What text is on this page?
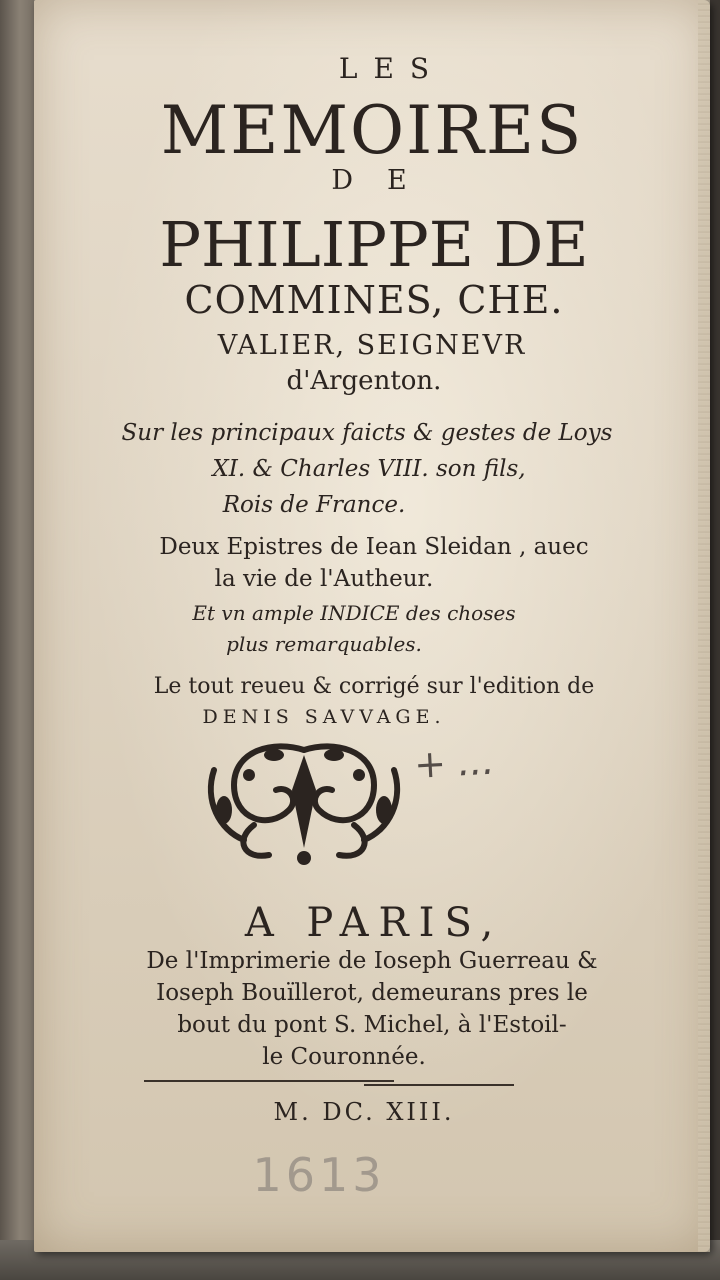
LES
MEMOIRES
DE
PHILIPPE DE
COMMINES, CHE.
VALIER, SEIGNEVR
d'Argenton.
Sur les principaux faicts & gestes de Loys
XI. & Charles VIII. son fils,
Rois de France.
Deux Epistres de Iean Sleidan , auec
la vie de l'Autheur.
Et vn ample INDICE des choses
plus remarquables.
Le tout reueu & corrigé sur l'edition de
DENIS SAVVAGE.
+ ...
A PARIS,
De l'Imprimerie de Ioseph Guerreau &
Ioseph Bouïllerot, demeurans pres le
bout du pont S. Michel, à l'Estoil-
le Couronnée.
M. DC. XIII.
1613
